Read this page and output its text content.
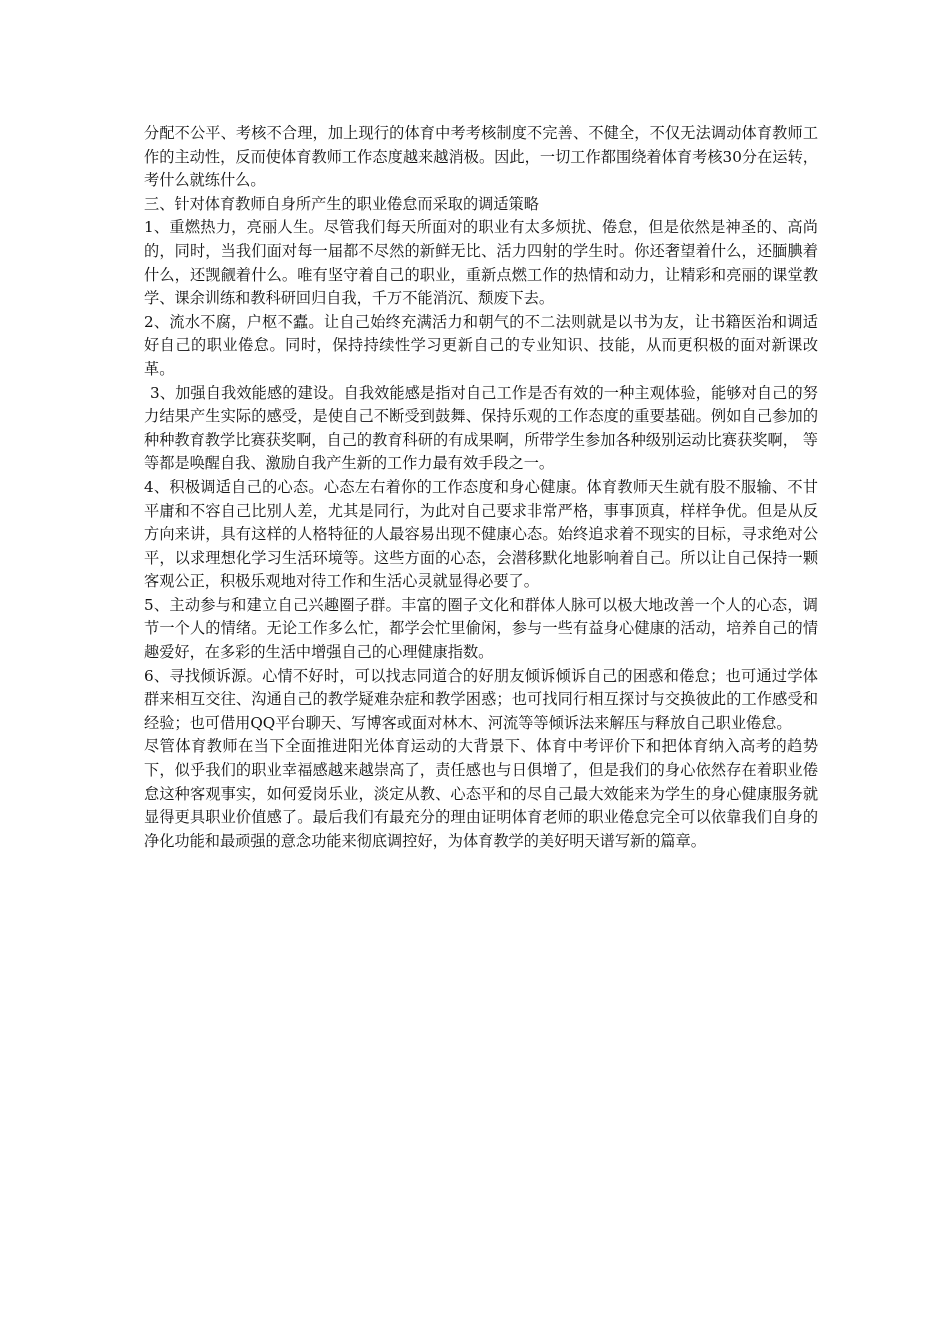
分配不公平、考核不合理，加上现行的体育中考考核制度不完善、不健全，不仅无法调动体育教师工作的主动性，反而使体育教师工作态度越来越消极。因此，一切工作都围绕着体育考核30分在运转，考什么就练什么。

三、针对体育教师自身所产生的职业倦怠而采取的调适策略

1、重燃热力，亮丽人生。尽管我们每天所面对的职业有太多烦扰、倦怠，但是依然是神圣的、高尚的，同时，当我们面对每一届都不尽然的新鲜无比、活力四射的学生时。你还奢望着什么，还腼腆着什么，还觊觎着什么。唯有坚守着自己的职业，重新点燃工作的热情和动力，让精彩和亮丽的课堂教学、课余训练和教科研回归自我，千万不能消沉、颓废下去。

2、流水不腐，户枢不蠹。让自己始终充满活力和朝气的不二法则就是以书为友，让书籍医治和调适好自己的职业倦怠。同时，保持持续性学习更新自己的专业知识、技能，从而更积极的面对新课改革。

3、加强自我效能感的建设。自我效能感是指对自己工作是否有效的一种主观体验，能够对自己的努力结果产生实际的感受，是使自己不断受到鼓舞、保持乐观的工作态度的重要基础。例如自己参加的种种教育教学比赛获奖啊，自己的教育科研的有成果啊，所带学生参加各种级别运动比赛获奖啊， 等等都是唤醒自我、激励自我产生新的工作力最有效手段之一。

4、积极调适自己的心态。心态左右着你的工作态度和身心健康。体育教师天生就有股不服输、不甘平庸和不容自己比别人差，尤其是同行，为此对自己要求非常严格，事事顶真，样样争优。但是从反方向来讲，具有这样的人格特征的人最容易出现不健康心态。始终追求着不现实的目标，寻求绝对公平，以求理想化学习生活环境等。这些方面的心态，会潜移默化地影响着自己。所以让自己保持一颗客观公正，积极乐观地对待工作和生活心灵就显得必要了。

5、主动参与和建立自己兴趣圈子群。丰富的圈子文化和群体人脉可以极大地改善一个人的心态，调节一个人的情绪。无论工作多么忙，都学会忙里偷闲，参与一些有益身心健康的活动，培养自己的情趣爱好，在多彩的生活中增强自己的心理健康指数。

6、寻找倾诉源。心情不好时，可以找志同道合的好朋友倾诉倾诉自己的困惑和倦怠；也可通过学体群来相互交往、沟通自己的教学疑难杂症和教学困惑；也可找同行相互探讨与交换彼此的工作感受和经验；也可借用QQ平台聊天、写博客或面对林木、河流等等倾诉法来解压与释放自己职业倦怠。

尽管体育教师在当下全面推进阳光体育运动的大背景下、体育中考评价下和把体育纳入高考的趋势下，似乎我们的职业幸福感越来越崇高了，责任感也与日俱增了，但是我们的身心依然存在着职业倦怠这种客观事实，如何爱岗乐业，淡定从教、心态平和的尽自己最大效能来为学生的身心健康服务就显得更具职业价值感了。最后我们有最充分的理由证明体育老师的职业倦怠完全可以依靠我们自身的净化功能和最顽强的意念功能来彻底调控好，为体育教学的美好明天谱写新的篇章。
